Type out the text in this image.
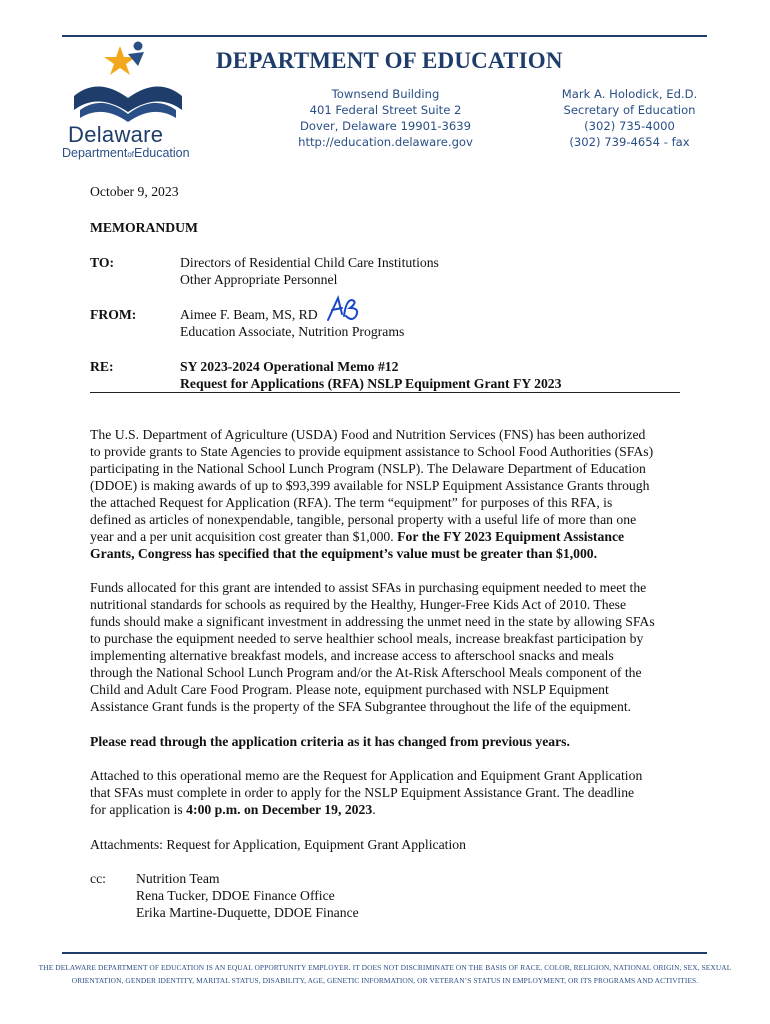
Delaware
DepartmentofEducation
DEPARTMENT OF EDUCATION
Townsend Building
401 Federal Street Suite 2
Dover, Delaware 19901-3639
http://education.delaware.gov
Mark A. Holodick, Ed.D.
Secretary of Education
(302) 735-4000
(302) 739-4654 - fax
October 9, 2023
MEMORANDUM
TO:	Directors of Residential Child Care Institutions
Other Appropriate Personnel
FROM:	Aimee F. Beam, MS, RD
Education Associate, Nutrition Programs
RE:	SY 2023-2024 Operational Memo #12
Request for Applications (RFA) NSLP Equipment Grant FY 2023
The U.S. Department of Agriculture (USDA) Food and Nutrition Services (FNS) has been authorized
to provide grants to State Agencies to provide equipment assistance to School Food Authorities (SFAs)
participating in the National School Lunch Program (NSLP). The Delaware Department of Education
(DDOE) is making awards of up to $93,399 available for NSLP Equipment Assistance Grants through
the attached Request for Application (RFA). The term “equipment” for purposes of this RFA, is
defined as articles of nonexpendable, tangible, personal property with a useful life of more than one
year and a per unit acquisition cost greater than $1,000. For the FY 2023 Equipment Assistance
Grants, Congress has specified that the equipment’s value must be greater than $1,000.
Funds allocated for this grant are intended to assist SFAs in purchasing equipment needed to meet the
nutritional standards for schools as required by the Healthy, Hunger-Free Kids Act of 2010. These
funds should make a significant investment in addressing the unmet need in the state by allowing SFAs
to purchase the equipment needed to serve healthier school meals, increase breakfast participation by
implementing alternative breakfast models, and increase access to afterschool snacks and meals
through the National School Lunch Program and/or the At-Risk Afterschool Meals component of the
Child and Adult Care Food Program. Please note, equipment purchased with NSLP Equipment
Assistance Grant funds is the property of the SFA Subgrantee throughout the life of the equipment.
Please read through the application criteria as it has changed from previous years.
Attached to this operational memo are the Request for Application and Equipment Grant Application
that SFAs must complete in order to apply for the NSLP Equipment Assistance Grant. The deadline
for application is 4:00 p.m. on December 19, 2023.
Attachments: Request for Application, Equipment Grant Application
cc: Nutrition Team
Rena Tucker, DDOE Finance Office
Erika Martine-Duquette, DDOE Finance
THE DELAWARE DEPARTMENT OF EDUCATION IS AN EQUAL OPPORTUNITY EMPLOYER. IT DOES NOT DISCRIMINATE ON THE BASIS OF RACE, COLOR, RELIGION, NATIONAL ORIGIN, SEX, SEXUAL
ORIENTATION, GENDER IDENTITY, MARITAL STATUS, DISABILITY, AGE, GENETIC INFORMATION, OR VETERAN’S STATUS IN EMPLOYMENT, OR ITS PROGRAMS AND ACTIVITIES.
